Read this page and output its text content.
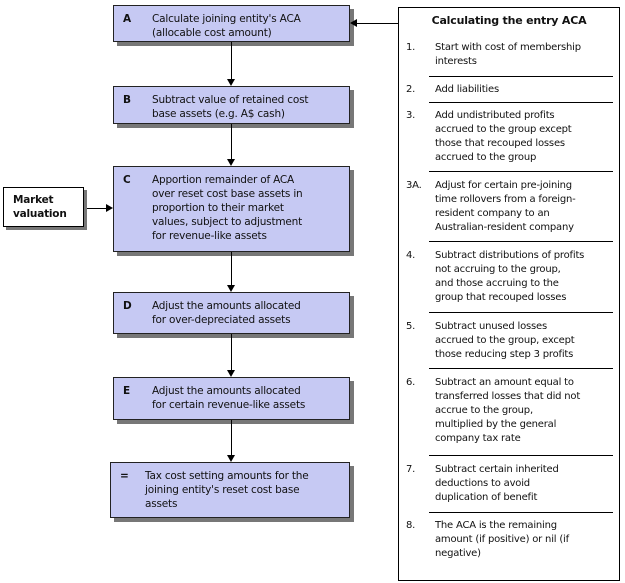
A Calculate joining entity's ACA
(allocable cost amount)
B Subtract value of retained cost
base assets (e.g. A$ cash)
C Apportion remainder of ACA
over reset cost base assets in
proportion to their market
values, subject to adjustment
for revenue-like assets
D Adjust the amounts allocated
for over-depreciated assets
E Adjust the amounts allocated
for certain revenue-like assets
= Tax cost setting amounts for the
joining entity's reset cost base
assets
Market
valuation
Calculating the entry ACA
1. Start with cost of membership
interests
2. Add liabilities
3. Add undistributed profits
accrued to the group except
those that recouped losses
accrued to the group
3A. Adjust for certain pre-joining
time rollovers from a foreign-
resident company to an
Australian-resident company
4. Subtract distributions of profits
not accruing to the group,
and those accruing to the
group that recouped losses
5. Subtract unused losses
accrued to the group, except
those reducing step 3 profits
6. Subtract an amount equal to
transferred losses that did not
accrue to the group,
multiplied by the general
company tax rate
7. Subtract certain inherited
deductions to avoid
duplication of benefit
8. The ACA is the remaining
amount (if positive) or nil (if
negative)
